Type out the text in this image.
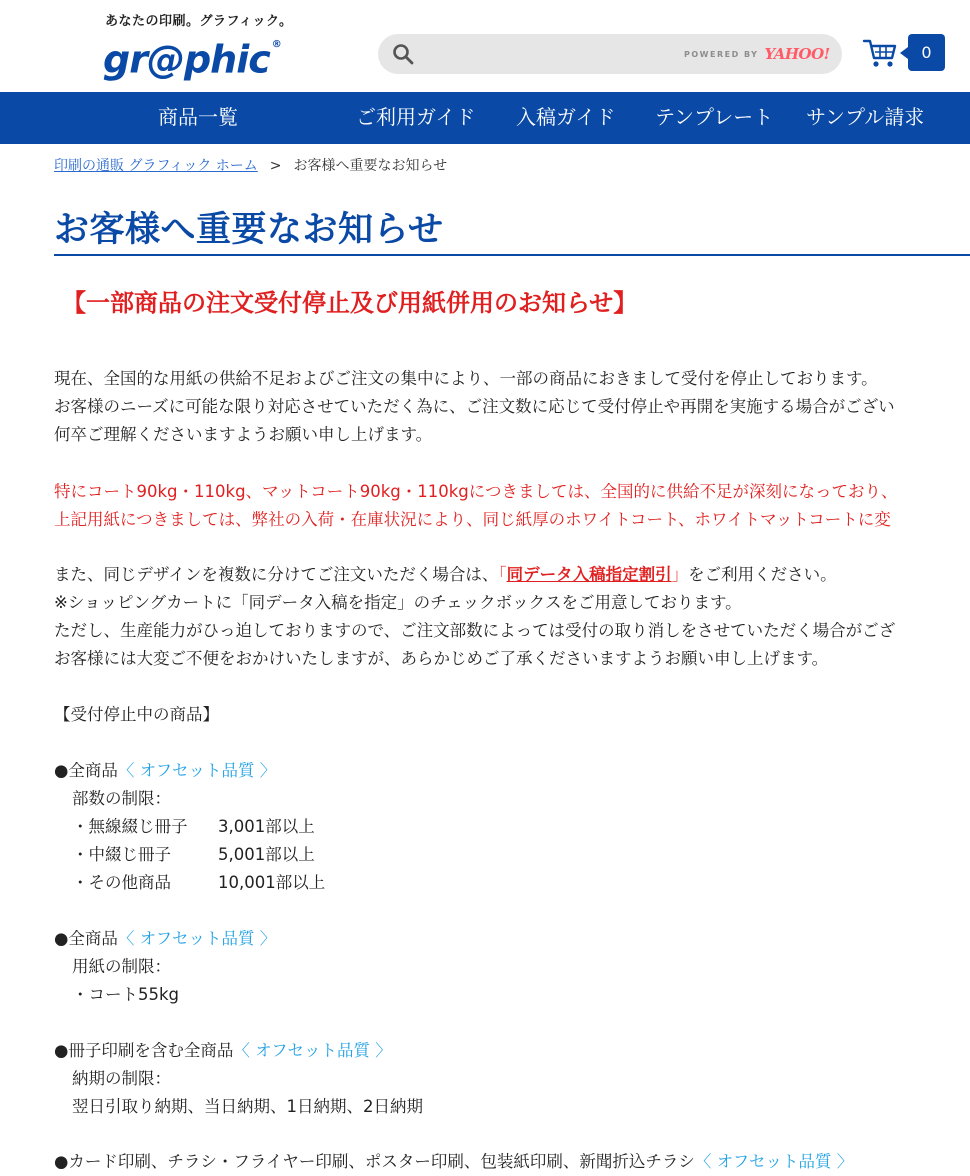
あなたの印刷。グラフィック。
gr@phic ®
POWERED BY YAHOO!	0
商品一覧	ご利用ガイド 入稿ガイド テンプレート サンプル請求
印刷の通販 グラフィック ホーム > お客様へ重要なお知らせ
お客様へ重要なお知らせ
【一部商品の注文受付停止及び用紙併用のお知らせ】
現在、全国的な用紙の供給不足およびご注文の集中により、一部の商品におきまして受付を停止しております。
お客様のニーズに可能な限り対応させていただく為に、ご注文数に応じて受付停止や再開を実施する場合がござい
何卒ご理解くださいますようお願い申し上げます。
特にコート90kg・110kg、マットコート90kg・110kgにつきましては、全国的に供給不足が深刻になっており、
上記用紙につきましては、弊社の入荷・在庫状況により、同じ紙厚のホワイトコート、ホワイトマットコートに変
また、同じデザインを複数に分けてご注文いただく場合は、「同データ入稿指定割引」をご利用ください。
※ショッピングカートに「同データ入稿を指定」のチェックボックスをご用意しております。
ただし、生産能力がひっ迫しておりますので、ご注文部数によっては受付の取り消しをさせていただく場合がござ
お客様には大変ご不便をおかけいたしますが、あらかじめご了承くださいますようお願い申し上げます。
【受付停止中の商品】
●全商品〈 オフセット品質 〉
部数の制限：
・無線綴じ冊子 3,001部以上
・中綴じ冊子	5,001部以上
・その他商品	10,001部以上
●全商品〈 オフセット品質 〉
用紙の制限：
・コート55kg
●冊子印刷を含む全商品〈 オフセット品質 〉
納期の制限：
翌日引取り納期、当日納期、1日納期、2日納期
●カード印刷、チラシ・フライヤー印刷、ポスター印刷、包装紙印刷、新聞折込チラシ〈 オフセット品質 〉
